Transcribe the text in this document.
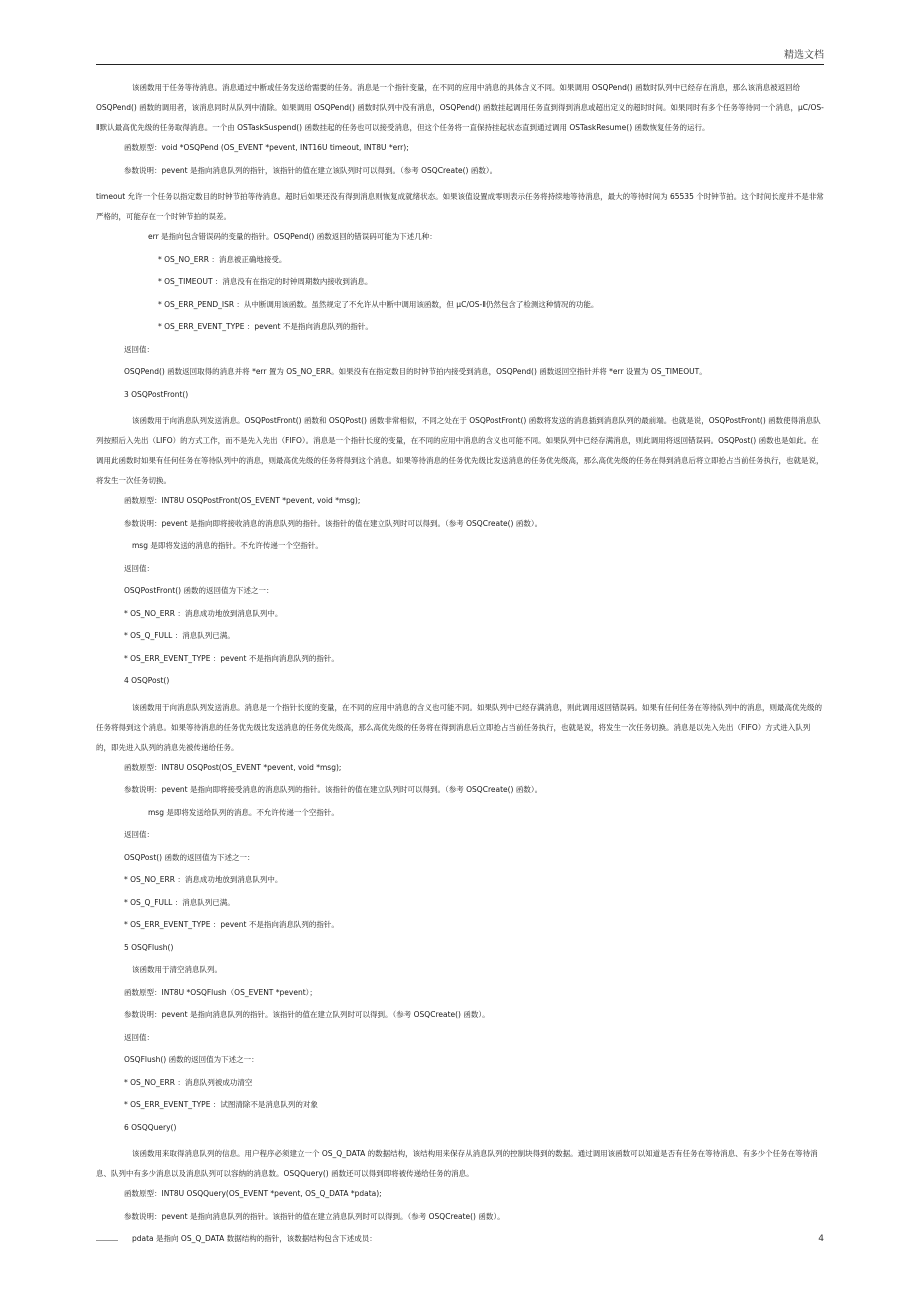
精选文档

该函数用于任务等待消息。消息通过中断或任务发送给需要的任务。消息是一个指针变量，在不同的应用中消息的具体含义不同。如果调用 OSQPend() 函数时队列中已经存在消息，那么该消息被返回给 OSQPend() 函数的调用者，该消息同时从队列中清除。如果调用 OSQPend() 函数时队列中没有消息，OSQPend() 函数挂起调用任务直到得到消息或超出定义的超时时间。如果同时有多个任务等待同一个消息，μC/OS-Ⅱ默认最高优先级的任务取得消息。一个由 OSTaskSuspend() 函数挂起的任务也可以接受消息，但这个任务将一直保持挂起状态直到通过调用 OSTaskResume() 函数恢复任务的运行。

函数原型：void *OSQPend (OS_EVENT *pevent, INT16U timeout, INT8U *err);

参数说明：pevent 是指向消息队列的指针，该指针的值在建立该队列时可以得到。（参考 OSQCreate() 函数）。

timeout 允许一个任务以指定数目的时钟节拍等待消息。超时后如果还没有得到消息则恢复成就绪状态。如果该值设置成零则表示任务将持续地等待消息，最大的等待时间为 65535 个时钟节拍。这个时间长度并不是非常严格的，可能存在一个时钟节拍的误差。

err 是指向包含错误码的变量的指针。OSQPend() 函数返回的错误码可能为下述几种：

* OS_NO_ERR ：消息被正确地接受。

* OS_TIMEOUT ：消息没有在指定的时钟周期数内接收到消息。

* OS_ERR_PEND_ISR ：从中断调用该函数。虽然规定了不允许从中断中调用该函数，但 μC/OS-Ⅱ仍然包含了检测这种情况的功能。

* OS_ERR_EVENT_TYPE ：pevent 不是指向消息队列的指针。

返回值：

OSQPend() 函数返回取得的消息并将 *err 置为 OS_NO_ERR。如果没有在指定数目的时钟节拍内接受到消息，OSQPend() 函数返回空指针并将 *err 设置为 OS_TIMEOUT。

3 OSQPostFront()

该函数用于向消息队列发送消息。OSQPostFront() 函数和 OSQPost() 函数非常相似，不同之处在于 OSQPostFront() 函数将发送的消息插到消息队列的最前端。也就是说，OSQPostFront() 函数使得消息队列按照后入先出（LIFO）的方式工作，而不是先入先出（FIFO）。消息是一个指针长度的变量，在不同的应用中消息的含义也可能不同。如果队列中已经存满消息，则此调用将返回错误码。OSQPost() 函数也是如此。在调用此函数时如果有任何任务在等待队列中的消息，则最高优先级的任务将得到这个消息。如果等待消息的任务优先级比发送消息的任务优先级高，那么高优先级的任务在得到消息后将立即抢占当前任务执行，也就是说，将发生一次任务切换。

函数原型：INT8U OSQPostFront(OS_EVENT *pevent, void *msg);

参数说明：pevent 是指向即将接收消息的消息队列的指针。该指针的值在建立队列时可以得到。（参考 OSQCreate() 函数）。

msg 是即将发送的消息的指针。不允许传递一个空指针。

返回值：

OSQPostFront() 函数的返回值为下述之一：

* OS_NO_ERR ：消息成功地放到消息队列中。

* OS_Q_FULL ：消息队列已满。

* OS_ERR_EVENT_TYPE ：pevent 不是指向消息队列的指针。

4 OSQPost()

该函数用于向消息队列发送消息。消息是一个指针长度的变量，在不同的应用中消息的含义也可能不同。如果队列中已经存满消息，则此调用返回错误码。如果有任何任务在等待队列中的消息，则最高优先级的任务将得到这个消息。如果等待消息的任务优先级比发送消息的任务优先级高，那么高优先级的任务将在得到消息后立即抢占当前任务执行，也就是说，将发生一次任务切换。消息是以先入先出（FIFO）方式进入队列的，即先进入队列的消息先被传递给任务。

函数原型：INT8U OSQPost(OS_EVENT *pevent, void *msg);

参数说明：pevent 是指向即将接受消息的消息队列的指针。该指针的值在建立队列时可以得到。（参考 OSQCreate() 函数）。

msg 是即将发送给队列的消息。不允许传递一个空指针。

返回值：

OSQPost() 函数的返回值为下述之一：

* OS_NO_ERR ：消息成功地放到消息队列中。

* OS_Q_FULL ：消息队列已满。

* OS_ERR_EVENT_TYPE ：pevent 不是指向消息队列的指针。

5 OSQFlush()

该函数用于清空消息队列。

函数原型：INT8U *OSQFlush（OS_EVENT *pevent）；

参数说明：pevent 是指向消息队列的指针。该指针的值在建立队列时可以得到。（参考 OSQCreate() 函数）。

返回值：

OSQFlush() 函数的返回值为下述之一：

* OS_NO_ERR ：消息队列被成功清空

* OS_ERR_EVENT_TYPE ：试图清除不是消息队列的对象

6 OSQQuery()

该函数用来取得消息队列的信息。用户程序必须建立一个 OS_Q_DATA 的数据结构，该结构用来保存从消息队列的控制块得到的数据。通过调用该函数可以知道是否有任务在等待消息、有多少个任务在等待消息、队列中有多少消息以及消息队列可以容纳的消息数。OSQQuery() 函数还可以得到即将被传递给任务的消息。

函数原型：INT8U OSQQuery(OS_EVENT *pevent, OS_Q_DATA *pdata);

参数说明：pevent 是指向消息队列的指针。该指针的值在建立消息队列时可以得到。（参考 OSQCreate() 函数）。

pdata 是指向 OS_Q_DATA 数据结构的指针，该数据结构包含下述成员：	4
